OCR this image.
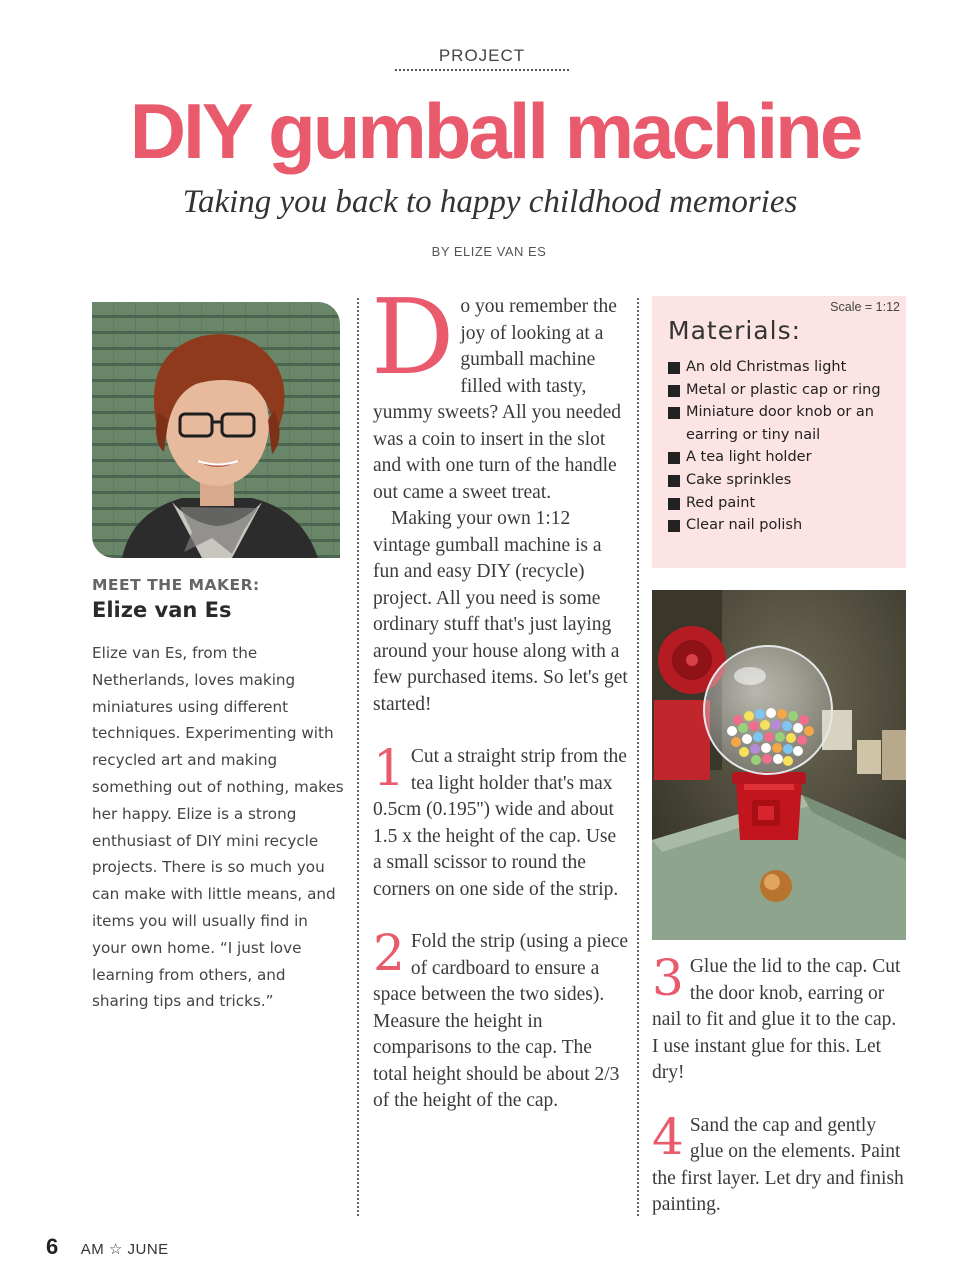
PROJECT
DIY gumball machine
Taking you back to happy childhood memories
BY ELIZE VAN ES
MEET THE MAKER:
Elize van Es
Elize van Es, from the Netherlands, loves making miniatures using different techniques. Experimenting with recycled art and making something out of nothing, makes her happy. Elize is a strong enthusiast of DIY mini recycle projects. There is so much you can make with little means, and items you will usually find in your own home. “I just love learning from others, and sharing tips and tricks.”

Do you remember the joy of looking at a gumball machine filled with tasty, yummy sweets? All you needed was a coin to insert in the slot and with one turn of the handle out came a sweet treat.

Making your own 1:12 vintage gumball machine is a fun and easy DIY (recycle) project. All you need is some ordinary stuff that's just laying around your house along with a few purchased items. So let's get started!

1 Cut a straight strip from the tea light holder that's max 0.5cm (0.195'') wide and about 1.5 x the height of the cap. Use a small scissor to round the corners on one side of the strip.

2 Fold the strip (using a piece of cardboard to ensure a space between the two sides). Measure the height in comparisons to the cap. The total height should be about 2/3 of the height of the cap.

Scale = 1:12
Materials:
An old Christmas light
Metal or plastic cap or ring
Miniature door knob or an earring or tiny nail
A tea light holder
Cake sprinkles
Red paint
Clear nail polish

3 Glue the lid to the cap. Cut the door knob, earring or nail to fit and glue it to the cap. I use instant glue for this. Let dry!

4 Sand the cap and gently glue on the elements. Paint the first layer. Let dry and finish painting.

6 AM ☆ JUNE
